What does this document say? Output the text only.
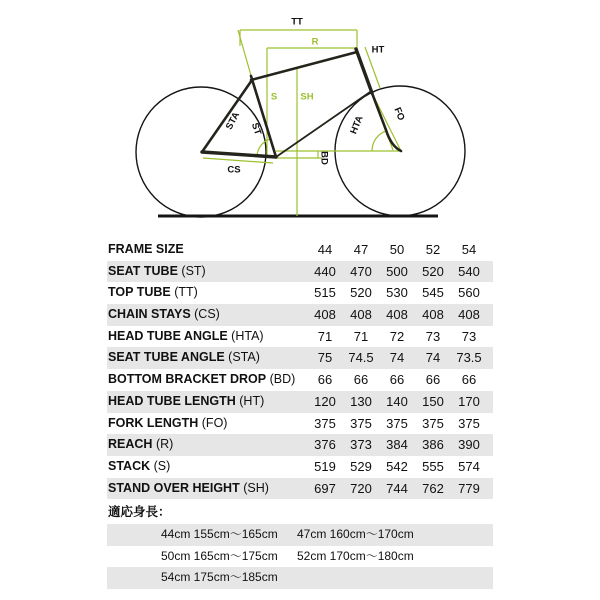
TT
R
HT
S SH
STA ST	HTA
FO
CS
BD
FRAME SIZE	44	47	50	52	54
SEAT TUBE (ST)	440	470	500	520	540
TOP TUBE (TT)	515	520	530	545	560
CHAIN STAYS (CS)	408	408	408	408	408
HEAD TUBE ANGLE (HTA)	71	71	72	73	73
SEAT TUBE ANGLE (STA)	75	74.5	74	74	73.5
BOTTOM BRACKET DROP (BD)	66	66	66	66	66
HEAD TUBE LENGTH (HT)	120	130	140	150	170
FORK LENGTH (FO)	375	375	375	375	375
REACH (R)	376	373	384	386	390
STACK (S)	519	529	542	555	574
STAND OVER HEIGHT (SH)	697	720	744	762	779
適応身長：
44cm 155cm～165cm 47cm 160cm～170cm
50cm 165cm～175cm 52cm 170cm～180cm
54cm 175cm～185cm
